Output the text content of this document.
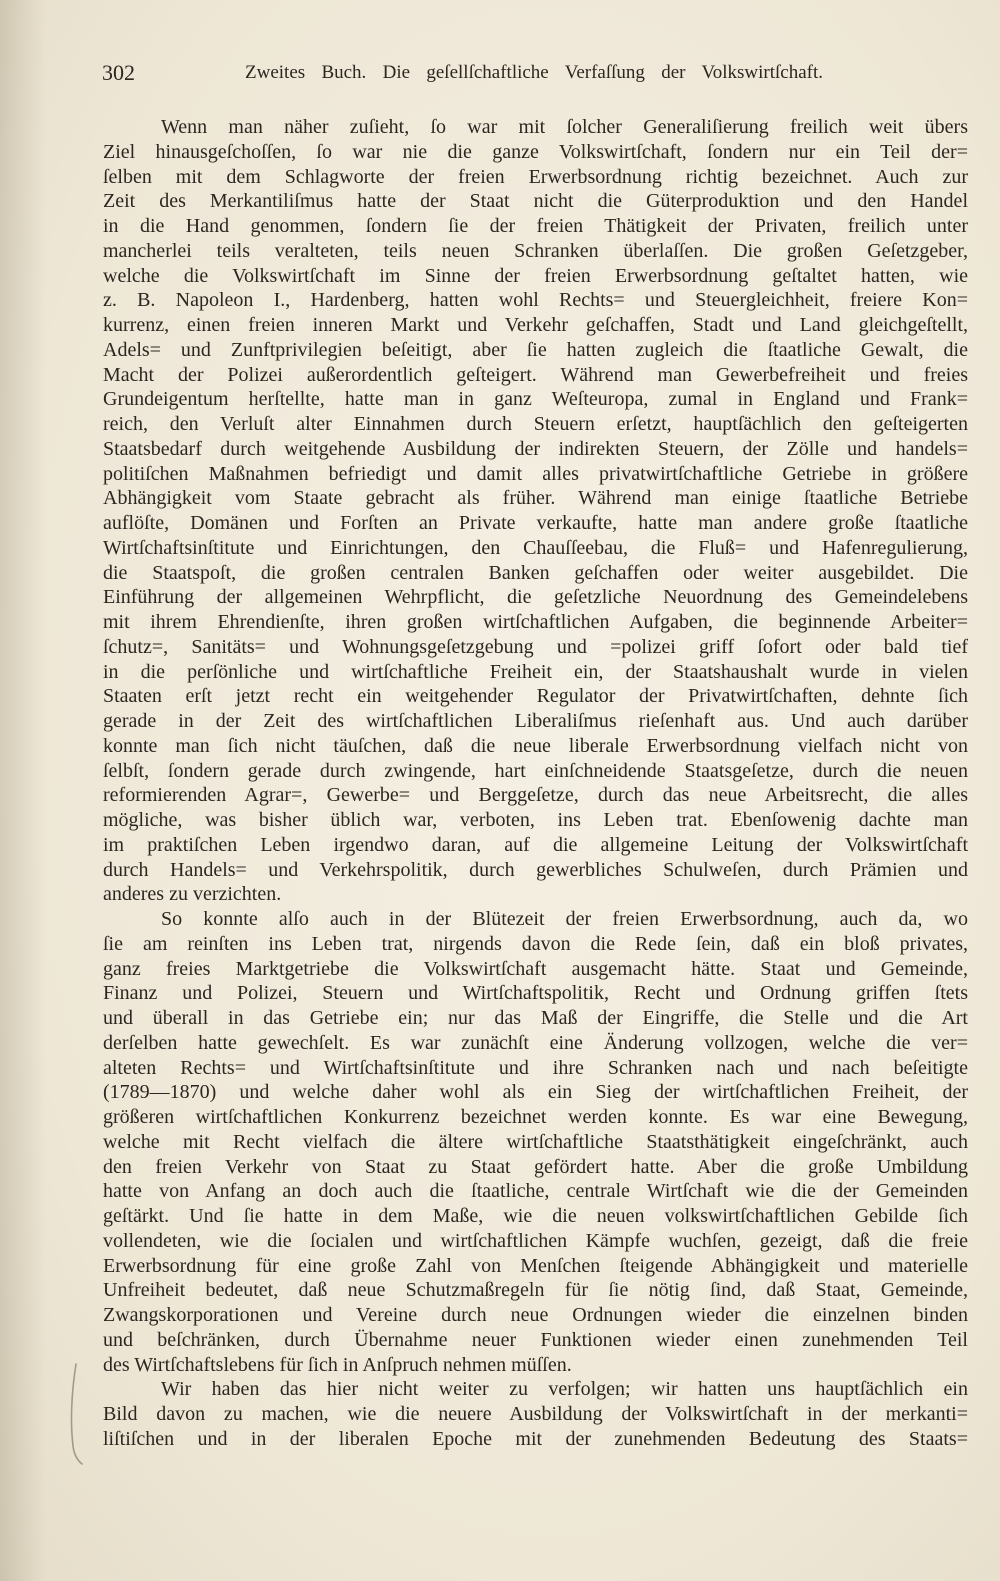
302	Zweites Buch. Die geſellſchaftliche Verfaſſung der Volkswirtſchaft.
Wenn man näher zuſieht, ſo war mit ſolcher Generaliſierung freilich weit übers
Ziel hinausgeſchoſſen, ſo war nie die ganze Volkswirtſchaft, ſondern nur ein Teil der=
ſelben mit dem Schlagworte der freien Erwerbsordnung richtig bezeichnet. Auch zur
Zeit des Merkantiliſmus hatte der Staat nicht die Güterproduktion und den Handel
in die Hand genommen, ſondern ſie der freien Thätigkeit der Privaten, freilich unter
mancherlei teils veralteten, teils neuen Schranken überlaſſen. Die großen Geſetzgeber,
welche die Volkswirtſchaft im Sinne der freien Erwerbsordnung geſtaltet hatten, wie
z. B. Napoleon I., Hardenberg, hatten wohl Rechts= und Steuergleichheit, freiere Kon=
kurrenz, einen freien inneren Markt und Verkehr geſchaffen, Stadt und Land gleichgeſtellt,
Adels= und Zunftprivilegien beſeitigt, aber ſie hatten zugleich die ſtaatliche Gewalt, die
Macht der Polizei außerordentlich geſteigert. Während man Gewerbefreiheit und freies
Grundeigentum herſtellte, hatte man in ganz Weſteuropa, zumal in England und Frank=
reich, den Verluſt alter Einnahmen durch Steuern erſetzt, hauptſächlich den geſteigerten
Staatsbedarf durch weitgehende Ausbildung der indirekten Steuern, der Zölle und handels=
politiſchen Maßnahmen befriedigt und damit alles privatwirtſchaftliche Getriebe in größere
Abhängigkeit vom Staate gebracht als früher. Während man einige ſtaatliche Betriebe
auflöſte, Domänen und Forſten an Private verkaufte, hatte man andere große ſtaatliche
Wirtſchaftsinſtitute und Einrichtungen, den Chauſſeebau, die Fluß= und Hafenregulierung,
die Staatspoſt, die großen centralen Banken geſchaffen oder weiter ausgebildet. Die
Einführung der allgemeinen Wehrpflicht, die geſetzliche Neuordnung des Gemeindelebens
mit ihrem Ehrendienſte, ihren großen wirtſchaftlichen Aufgaben, die beginnende Arbeiter=
ſchutz=, Sanitäts= und Wohnungsgeſetzgebung und =polizei griff ſofort oder bald tief
in die perſönliche und wirtſchaftliche Freiheit ein, der Staatshaushalt wurde in vielen
Staaten erſt jetzt recht ein weitgehender Regulator der Privatwirtſchaften, dehnte ſich
gerade in der Zeit des wirtſchaftlichen Liberaliſmus rieſenhaft aus. Und auch darüber
konnte man ſich nicht täuſchen, daß die neue liberale Erwerbsordnung vielfach nicht von
ſelbſt, ſondern gerade durch zwingende, hart einſchneidende Staatsgeſetze, durch die neuen
reformierenden Agrar=, Gewerbe= und Berggeſetze, durch das neue Arbeitsrecht, die alles
mögliche, was bisher üblich war, verboten, ins Leben trat. Ebenſowenig dachte man
im praktiſchen Leben irgendwo daran, auf die allgemeine Leitung der Volkswirtſchaft
durch Handels= und Verkehrspolitik, durch gewerbliches Schulweſen, durch Prämien und
anderes zu verzichten.
So konnte alſo auch in der Blütezeit der freien Erwerbsordnung, auch da, wo
ſie am reinſten ins Leben trat, nirgends davon die Rede ſein, daß ein bloß privates,
ganz freies Marktgetriebe die Volkswirtſchaft ausgemacht hätte. Staat und Gemeinde,
Finanz und Polizei, Steuern und Wirtſchaftspolitik, Recht und Ordnung griffen ſtets
und überall in das Getriebe ein; nur das Maß der Eingriffe, die Stelle und die Art
derſelben hatte gewechſelt. Es war zunächſt eine Änderung vollzogen, welche die ver=
alteten Rechts= und Wirtſchaftsinſtitute und ihre Schranken nach und nach beſeitigte
(1789—1870) und welche daher wohl als ein Sieg der wirtſchaftlichen Freiheit, der
größeren wirtſchaftlichen Konkurrenz bezeichnet werden konnte. Es war eine Bewegung,
welche mit Recht vielfach die ältere wirtſchaftliche Staatsthätigkeit eingeſchränkt, auch
den freien Verkehr von Staat zu Staat gefördert hatte. Aber die große Umbildung
hatte von Anfang an doch auch die ſtaatliche, centrale Wirtſchaft wie die der Gemeinden
geſtärkt. Und ſie hatte in dem Maße, wie die neuen volkswirtſchaftlichen Gebilde ſich
vollendeten, wie die ſocialen und wirtſchaftlichen Kämpfe wuchſen, gezeigt, daß die freie
Erwerbsordnung für eine große Zahl von Menſchen ſteigende Abhängigkeit und materielle
Unfreiheit bedeutet, daß neue Schutzmaßregeln für ſie nötig ſind, daß Staat, Gemeinde,
Zwangskorporationen und Vereine durch neue Ordnungen wieder die einzelnen binden
und beſchränken, durch Übernahme neuer Funktionen wieder einen zunehmenden Teil
des Wirtſchaftslebens für ſich in Anſpruch nehmen müſſen.
Wir haben das hier nicht weiter zu verfolgen; wir hatten uns hauptſächlich ein
Bild davon zu machen, wie die neuere Ausbildung der Volkswirtſchaft in der merkanti=
liſtiſchen und in der liberalen Epoche mit der zunehmenden Bedeutung des Staats=
